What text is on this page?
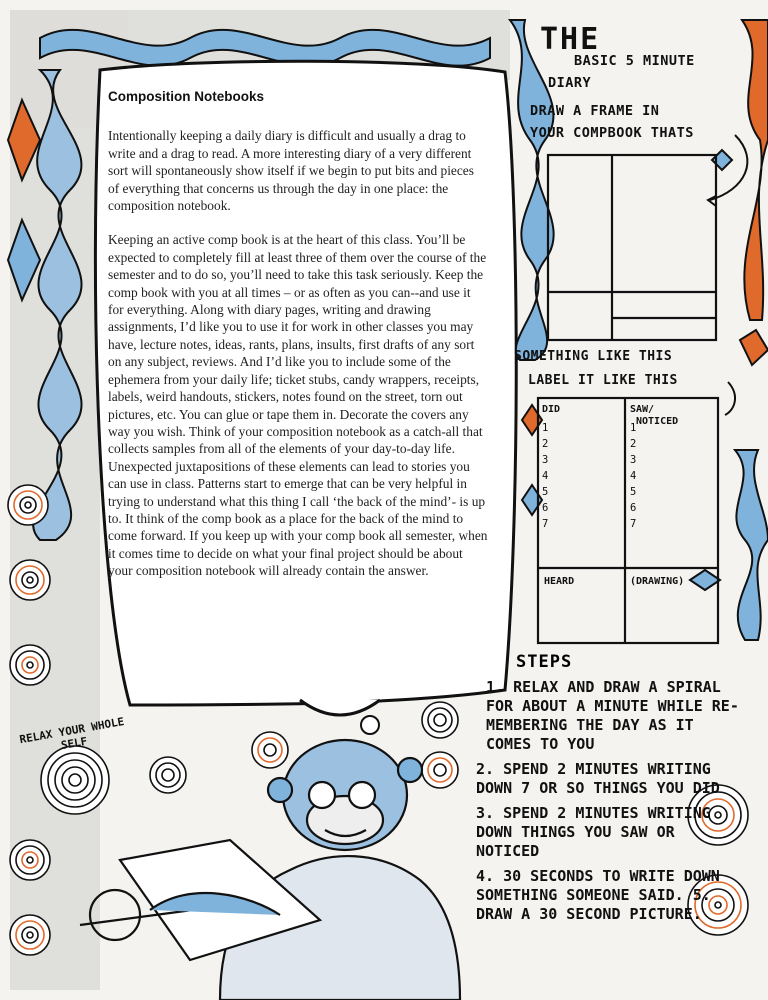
Composition Notebooks

Intentionally keeping a daily diary is difficult and usually a drag to write and a drag to read. A more interesting diary of a very different sort will spontaneously show itself if we begin to put bits and pieces of everything that concerns us through the day in one place: the composition notebook.

Keeping an active comp book is at the heart of this class. You’ll be expected to completely fill at least three of them over the course of the semester and to do so, you’ll need to take this task seriously. Keep the comp book with you at all times – or as often as you can--and use it for everything. Along with diary pages, writing and drawing assignments, I’d like you to use it for work in other classes you may have, lecture notes, ideas, rants, plans, insults, first drafts of any sort on any subject, reviews. And I’d like you to include some of the ephemera from your daily life; ticket stubs, candy wrappers, receipts, labels, weird handouts, stickers, notes found on the street, torn out pictures, etc. You can glue or tape them in. Decorate the covers any way you wish. Think of your composition notebook as a catch-all that collects samples from all of the elements of your day-to-day life. Unexpected juxtapositions of these elements can lead to stories you can use in class. Patterns start to emerge that can be very helpful in trying to understand what this thing I call ‘the back of the mind’- is up to. It think of the comp book as a place for the back of the mind to come forward. If you keep up with your comp book all semester, when it comes time to decide on what your final project should be about your composition notebook will already contain the answer.

THE
BASIC 5 MINUTE
DIARY
DRAW A FRAME IN
YOUR COMPBOOK THATS
SOMETHING LIKE THIS
LABEL IT LIKE THIS
DID	SAW/
NOTICED
1
2
3
4
5
6
7
1
2
3
4
5
6
7
HEARD	(DRAWING)
STEPS
1. RELAX AND DRAW A SPIRAL FOR ABOUT A MINUTE WHILE RE-MEMBERING THE DAY AS IT COMES TO YOU
2. SPEND 2 MINUTES WRITING DOWN 7 OR SO THINGS YOU DID
3. SPEND 2 MINUTES WRITING DOWN THINGS YOU SAW OR NOTICED
4. 30 SECONDS TO WRITE DOWN SOMETHING SOMEONE SAID. 5. DRAW A 30 SECOND PICTURE.
RELAX YOUR WHOLE SELF
